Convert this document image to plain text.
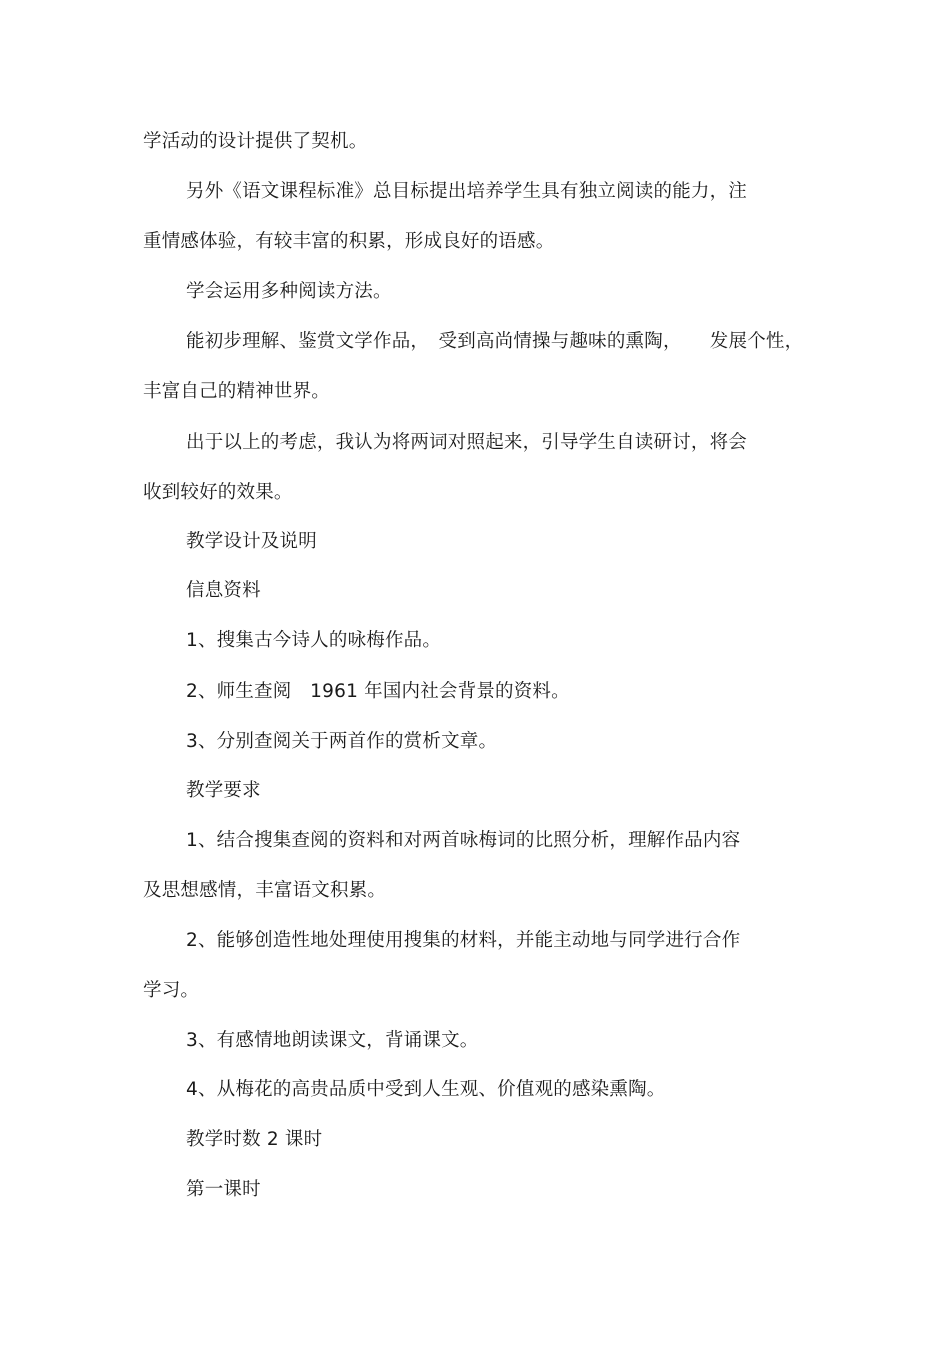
学活动的设计提供了契机。
另外《语文课程标准》总目标提出培养学生具有独立阅读的能力，注
重情感体验，有较丰富的积累，形成良好的语感。
学会运用多种阅读方法。
能初步理解、鉴赏文学作品，　受到高尚情操与趣味的熏陶，　　发展个性，
丰富自己的精神世界。
出于以上的考虑，我认为将两词对照起来，引导学生自读研讨，将会
收到较好的效果。
教学设计及说明
信息资料
1、搜集古今诗人的咏梅作品。
2、师生查阅　1961 年国内社会背景的资料。
3、分别查阅关于两首作的赏析文章。
教学要求
1、结合搜集查阅的资料和对两首咏梅词的比照分析，理解作品内容
及思想感情，丰富语文积累。
2、能够创造性地处理使用搜集的材料，并能主动地与同学进行合作
学习。
3、有感情地朗读课文，背诵课文。
4、从梅花的高贵品质中受到人生观、价值观的感染熏陶。
教学时数 2 课时
第一课时
